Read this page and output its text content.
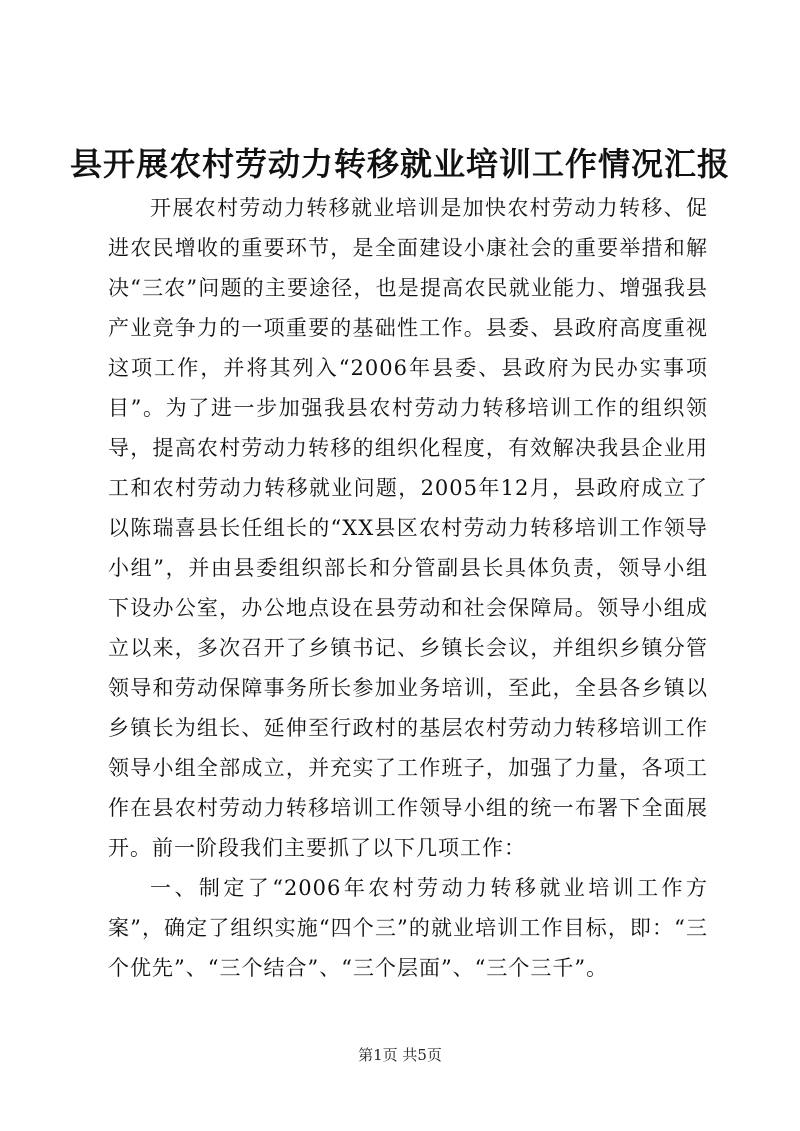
县开展农村劳动力转移就业培训工作情况汇报

开展农村劳动力转移就业培训是加快农村劳动力转移、促进农民增收的重要环节，是全面建设小康社会的重要举措和解决“三农”问题的主要途径，也是提高农民就业能力、增强我县产业竞争力的一项重要的基础性工作。县委、县政府高度重视这项工作，并将其列入“2006年县委、县政府为民办实事项目”。为了进一步加强我县农村劳动力转移培训工作的组织领导，提高农村劳动力转移的组织化程度，有效解决我县企业用工和农村劳动力转移就业问题，2005年12月，县政府成立了以陈瑞喜县长任组长的“XX县区农村劳动力转移培训工作领导小组”，并由县委组织部长和分管副县长具体负责，领导小组下设办公室，办公地点设在县劳动和社会保障局。领导小组成立以来，多次召开了乡镇书记、乡镇长会议，并组织乡镇分管领导和劳动保障事务所长参加业务培训，至此，全县各乡镇以乡镇长为组长、延伸至行政村的基层农村劳动力转移培训工作领导小组全部成立，并充实了工作班子，加强了力量，各项工作在县农村劳动力转移培训工作领导小组的统一布署下全面展开。前一阶段我们主要抓了以下几项工作：

一、制定了“2006年农村劳动力转移就业培训工作方案”，确定了组织实施“四个三”的就业培训工作目标，即：“三个优先”、“三个结合”、“三个层面”、“三个三千”。

第1页 共5页
